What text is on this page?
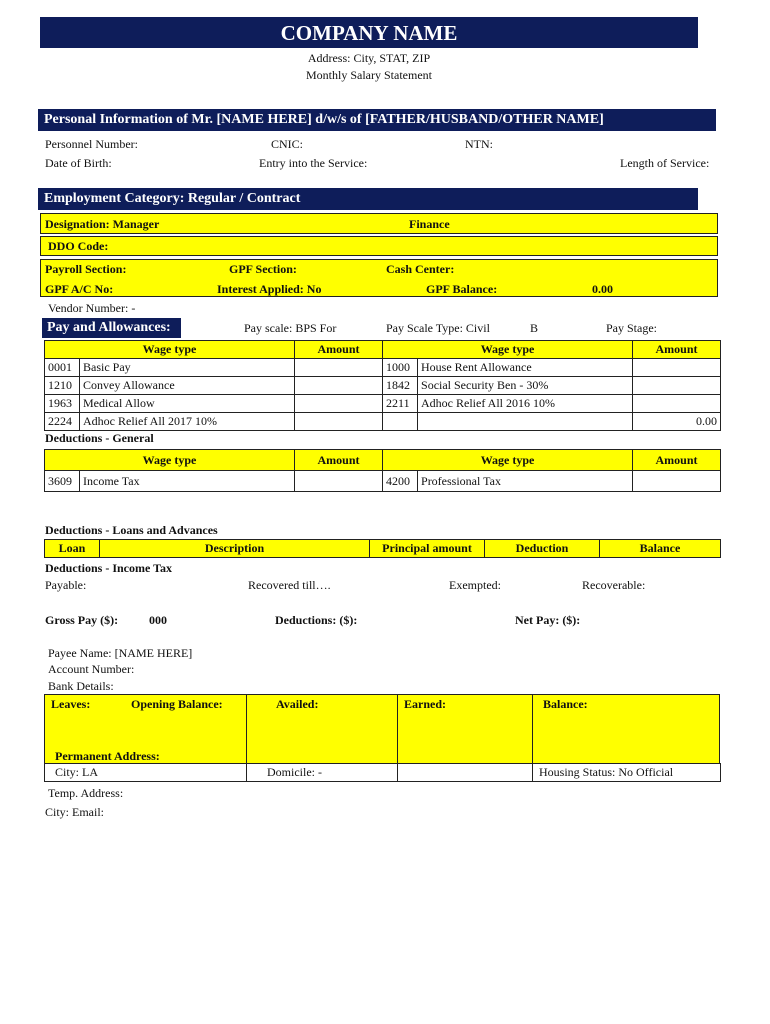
COMPANY NAME
Address: City, STAT, ZIP
Monthly Salary Statement
Personal Information of Mr. [NAME HERE] d/w/s of [FATHER/HUSBAND/OTHER NAME]
Personnel Number:	CNIC:	NTN:
Date of Birth:	Entry into the Service:	Length of Service:
Employment Category: Regular / Contract
Designation: Manager	Finance
DDO Code:
Payroll Section:	GPF Section:	Cash Center:
GPF A/C No:	Interest Applied: No	GPF Balance:	0.00
Vendor Number: -
Pay and Allowances:	Pay scale: BPS For	Pay Scale Type: Civil	B	Pay Stage:
Wage type		Amount	Wage type		Amount
0001	Basic Pay		1000	House Rent Allowance	
1210	Convey Allowance		1842	Social Security Ben - 30%	
1963	Medical Allow		2211	Adhoc Relief All 2016 10%	
2224	Adhoc Relief All 2017 10%				0.00
Deductions - General
Wage type		Amount	Wage type		Amount
3609	Income Tax		4200	Professional Tax	
Deductions - Loans and Advances
Loan	Description	Principal amount	Deduction	Balance
Deductions - Income Tax
Payable:	Recovered till….	Exempted:	Recoverable:
Gross Pay ($):	000	Deductions: ($):	Net Pay: ($):
Payee Name: [NAME HERE]
Account Number:
Bank Details:
Leaves:	Opening Balance:	Availed:	Earned:	Balance:
Permanent Address:
City: LA	Domicile: -		Housing Status: No Official
Temp. Address:
City: Email:
